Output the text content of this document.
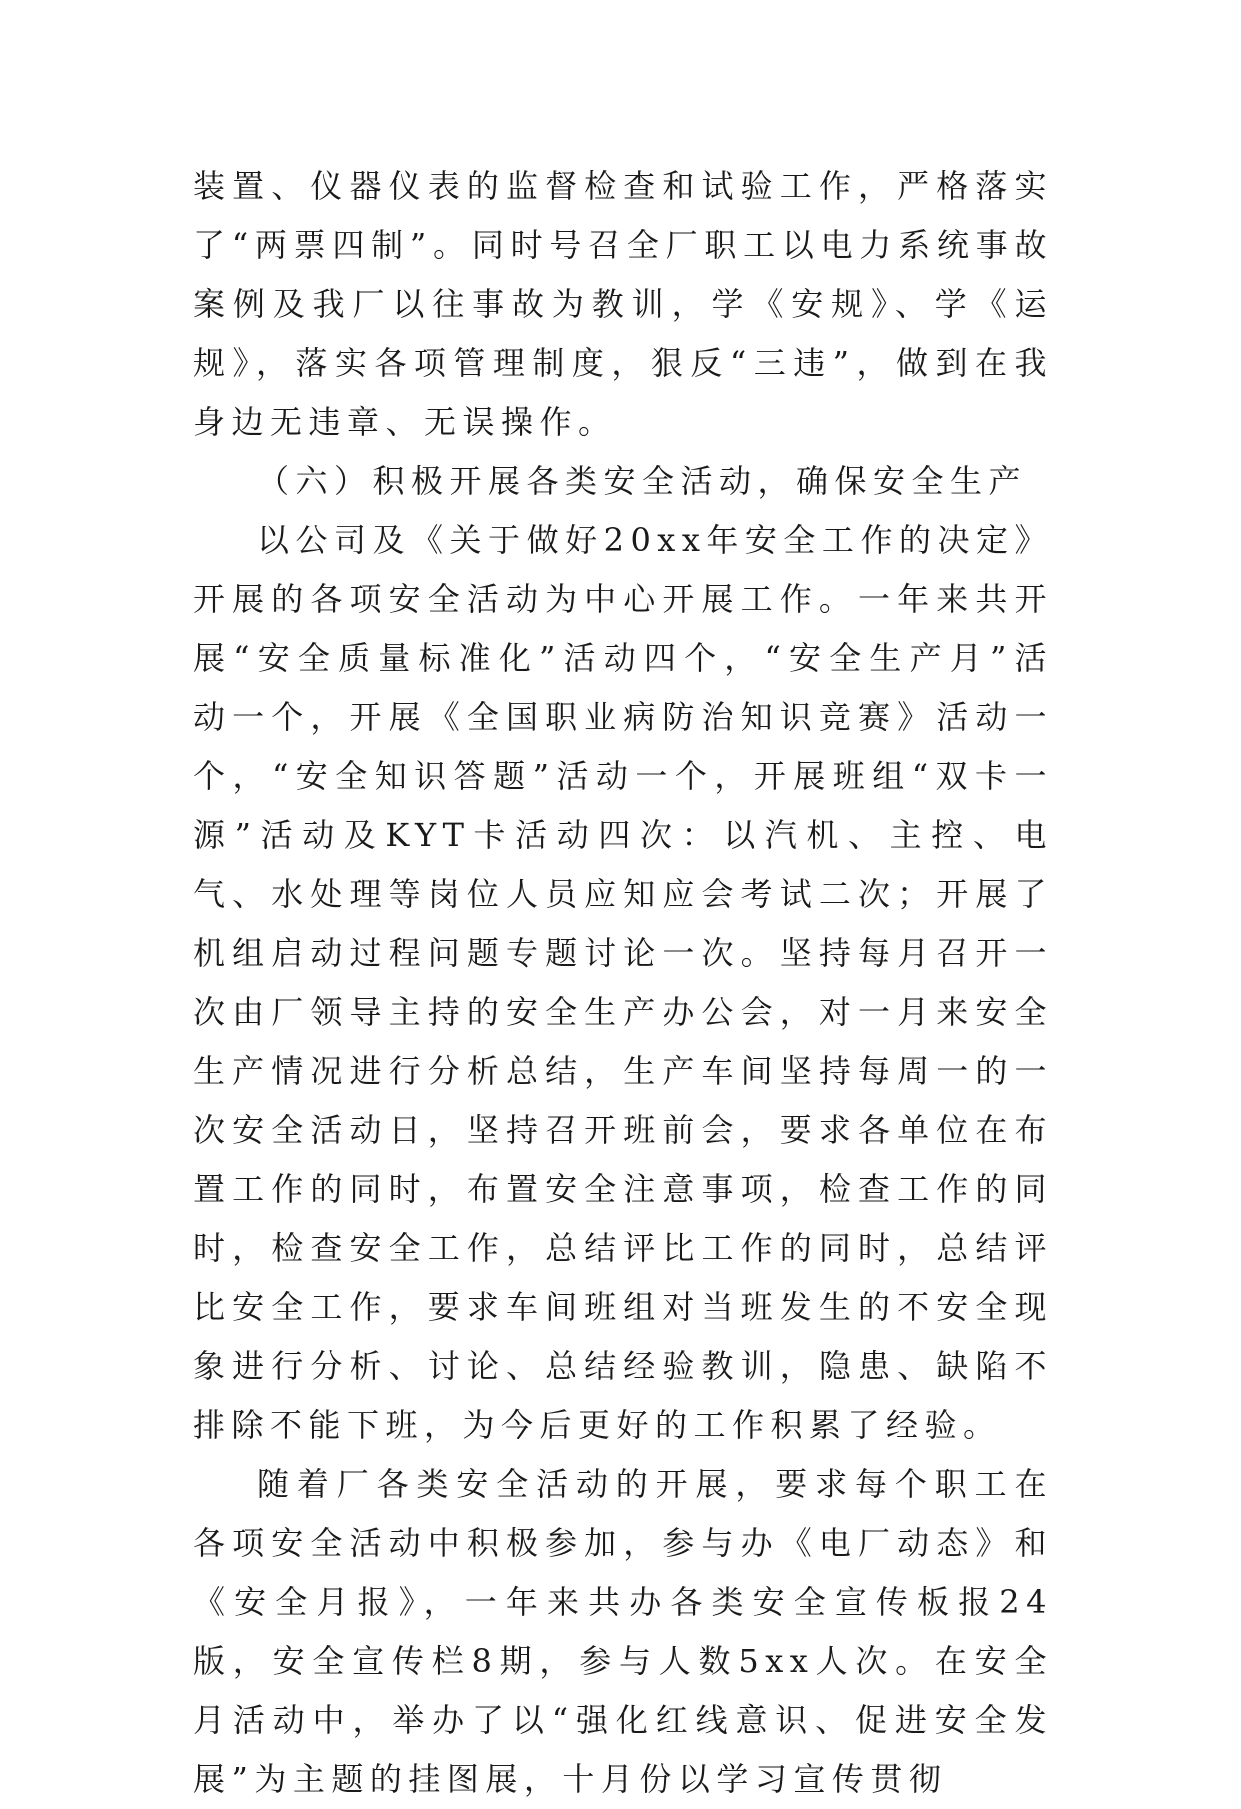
装置、仪器仪表的监督检查和试验工作，严格落实了“两票四制”。同时号召全厂职工以电力系统事故案例及我厂以往事故为教训，学《安规》、学《运规》，落实各项管理制度，狠反“三违”，做到在我身边无违章、无误操作。

（六）积极开展各类安全活动，确保安全生产

以公司及《关于做好20xx年安全工作的决定》开展的各项安全活动为中心开展工作。一年来共开展“安全质量标准化”活动四个，“安全生产月”活动一个，开展《全国职业病防治知识竞赛》活动一个，“安全知识答题”活动一个，开展班组“双卡一源”活动及KYT卡活动四次：以汽机、主控、电气、水处理等岗位人员应知应会考试二次；开展了机组启动过程问题专题讨论一次。坚持每月召开一次由厂领导主持的安全生产办公会，对一月来安全生产情况进行分析总结，生产车间坚持每周一的一次安全活动日，坚持召开班前会，要求各单位在布置工作的同时，布置安全注意事项，检查工作的同时，检查安全工作，总结评比工作的同时，总结评比安全工作，要求车间班组对当班发生的不安全现象进行分析、讨论、总结经验教训，隐患、缺陷不排除不能下班，为今后更好的工作积累了经验。

随着厂各类安全活动的开展，要求每个职工在各项安全活动中积极参加，参与办《电厂动态》和《安全月报》，一年来共办各类安全宣传板报24版，安全宣传栏8期，参与人数5xx人次。在安全月活动中，举办了以“强化红线意识、促进安全发展”为主题的挂图展，十月份以学习宣传贯彻
